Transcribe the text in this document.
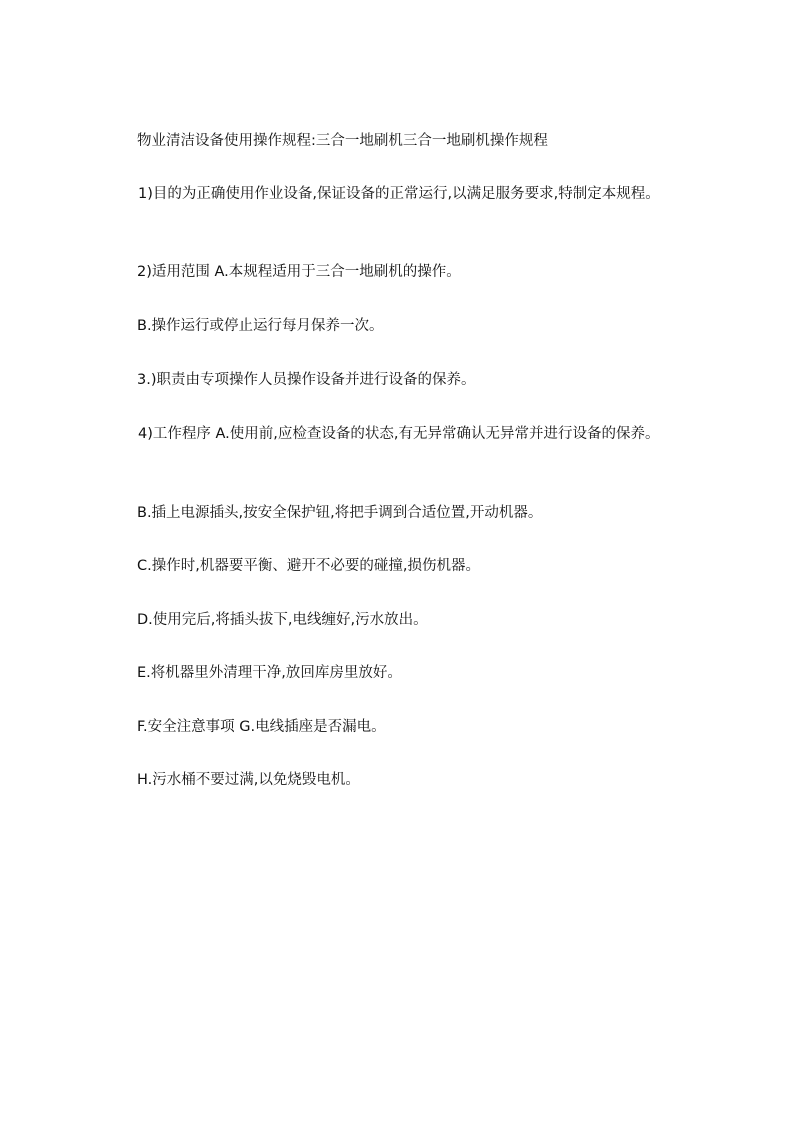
物业清洁设备使用操作规程:三合一地刷机三合一地刷机操作规程
1)目的为正确使用作业设备,保证设备的正常运行,以满足服务要求,特制定本规程。
2)适用范围 A.本规程适用于三合一地刷机的操作。
B.操作运行或停止运行每月保养一次。
3.)职责由专项操作人员操作设备并进行设备的保养。
4)工作程序 A.使用前,应检查设备的状态,有无异常确认无异常并进行设备的保养。
B.插上电源插头,按安全保护钮,将把手调到合适位置,开动机器。
C.操作时,机器要平衡、避开不必要的碰撞,损伤机器。
D.使用完后,将插头拔下,电线缠好,污水放出。
E.将机器里外清理干净,放回库房里放好。
F.安全注意事项 G.电线插座是否漏电。
H.污水桶不要过满,以免烧毁电机。
